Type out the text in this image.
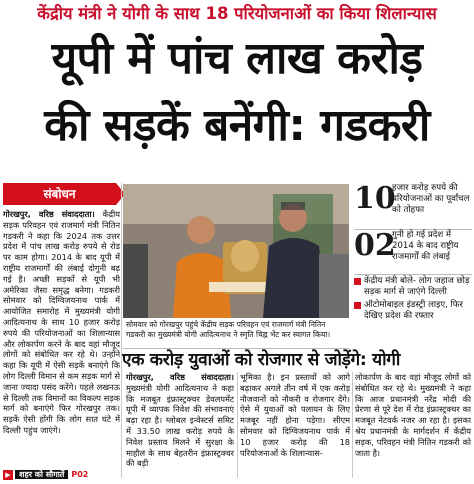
केंद्रीय मंत्री ने योगी के साथ 18 परियोजनाओं का किया शिलान्यास
यूपी में पांच लाख करोड़
की सड़कें बनेंगी: गडकरी
संबोधन
गोरखपुर, वरिष्ठ संवाददाता। केंद्रीय सड़क परिवहन एवं राजमार्ग मंत्री नितिन गडकरी ने कहा कि 2024 तक उत्तर प्रदेश में पांच लाख करोड़ रुपये से रोड पर काम होगा। 2014 के बाद यूपी में राष्ट्रीय राजमार्गों की लंबाई दोगुनी बढ़ गई है। अच्छी सड़कों से यूपी भी अमेरिका जैसा समृद्ध बनेगा। गडकरी सोमवार को दिग्विजयनाथ पार्क में आयोजित समारोह में मुख्यमंत्री योगी आदित्यनाथ के साथ 10 हजार करोड़ रुपये की परियोजनाओं का शिलान्यास और लोकार्पण करने के बाद वहां मौजूद लोगों को संबोधित कर रहे थे। उन्होंने कहा कि यूपी में ऐसी सड़कें बनाएंगे कि लोग दिल्ली विमान से कम सड़क मार्ग से जाना ज्यादा पसंद करेंगे। पहले लखनऊ से दिल्ली तक विमानों का विकल्प सड़क मार्ग को बनाएंगे फिर गोरखपुर तक। सड़कें ऐसी होंगी कि लोग सात घंटे में दिल्ली पहुंच जाएंगे।
▶ शहर को सौगातें P02
सोमवार को गोरखपुर पहुंचे केंद्रीय सड़क परिवहन एवं राजमार्ग मंत्री नितिन गडकरी का मुख्यमंत्री योगी आदित्यनाथ ने स्मृति चिह्न भेंट कर स्वागत किया।
10
हजार करोड़ रुपये की परियोजनाओं का पूर्वांचल को तोहफा
02
गुनी हो गई प्रदेश में 2014 के बाद राष्ट्रीय राजमार्गों की लंबाई
केंद्रीय मंत्री बोले- लोग जहाज छोड़ सड़क मार्ग से जाएंगे दिल्ली
ऑटोमोबाइल इंडस्ट्री लाइए, फिर देखिए प्रदेश की रफ्तार
एक करोड़ युवाओं को रोजगार से जोड़ेंगे: योगी
गोरखपुर, वरिष्ठ संवाददाता। मुख्यमंत्री योगी आदित्यनाथ ने कहा कि मजबूत इंफ्रास्ट्रक्चर डेवलपमेंट यूपी में व्यापक निवेश की संभावनाएं बढ़ा रहा है। ग्लोबल इन्वेस्टर्स समिट में 33.50 लाख करोड़ रुपये के निवेश प्रस्ताव मिलने में सुरक्षा के माहौल के साथ बेहतरीन इंफ्रास्ट्रक्चर की बड़ी
भूमिका है। इन प्रस्तावों को आगे बढ़ाकर अगले तीन वर्ष में एक करोड़ नौजवानों को नौकरी व रोजगार देंगे। ऐसे में युवाओं को पलायन के लिए मजबूर नहीं होना पड़ेगा। सीएम सोमवार को दिग्विजयनाथ पार्क में 10 हजार करोड़ की 18 परियोजनाओं के शिलान्यास-
लोकार्पण के बाद वहां मौजूद लोगों को संबोधित कर रहे थे। मुख्यमंत्री ने कहा कि आज प्रधानमंत्री नरेंद्र मोदी की प्रेरणा से पूरे देश में रोड इंफ्रास्ट्रक्चर का मजबूत नेटवर्क नजर आ रहा है। इसका श्रेय प्रधानमंत्री के मार्गदर्शन में केंद्रीय सड़क, परिवहन मंत्री नितिन गडकरी को जाता है।
